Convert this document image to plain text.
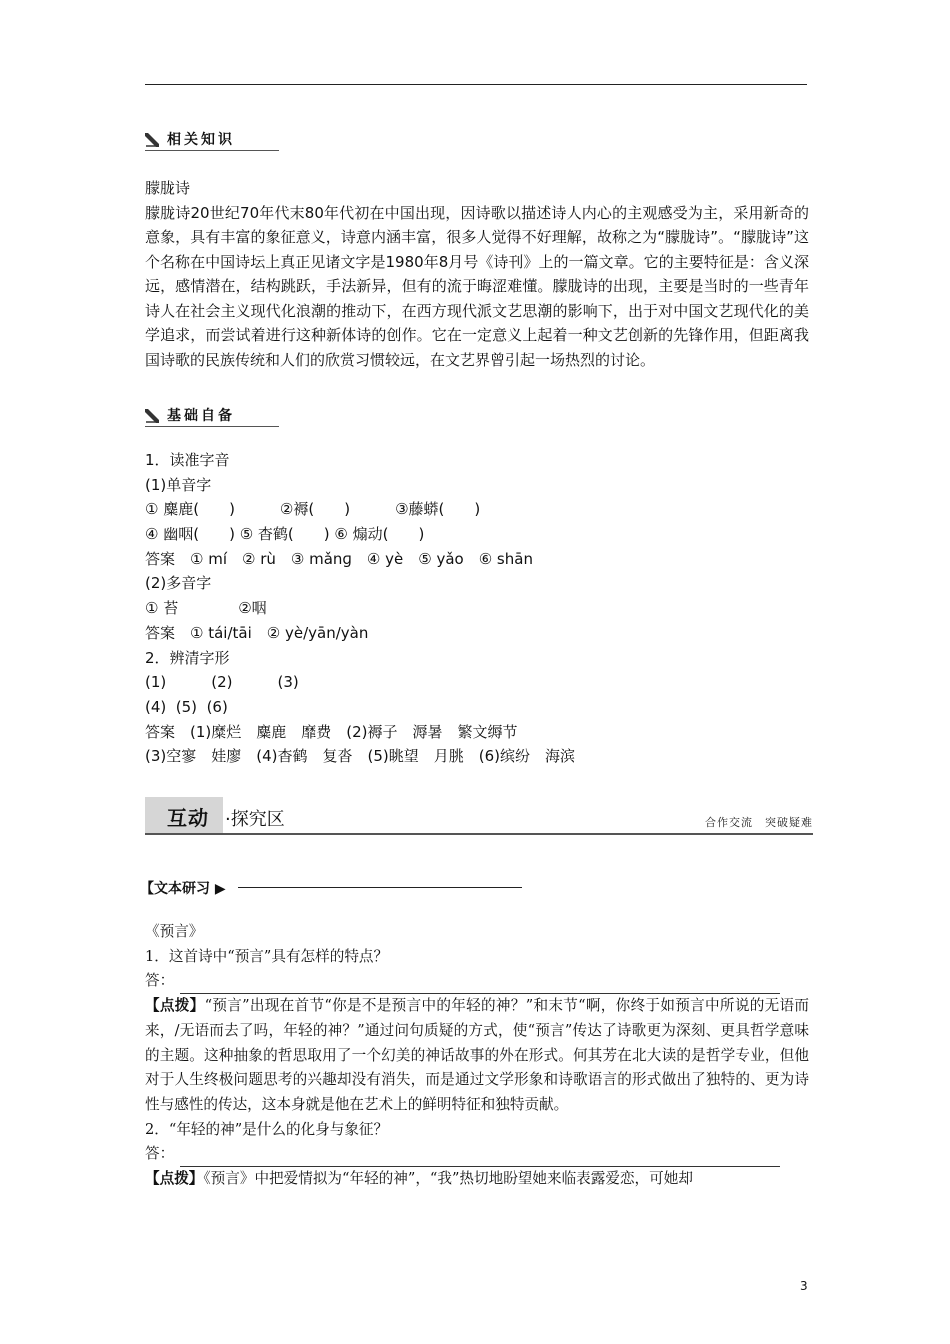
相关知识

朦胧诗

朦胧诗20世纪70年代末80年代初在中国出现，因诗歌以描述诗人内心的主观感受为主，采用新奇的意象，具有丰富的象征意义，诗意内涵丰富，很多人觉得不好理解，故称之为“朦胧诗”。“朦胧诗”这个名称在中国诗坛上真正见诸文字是1980年8月号《诗刊》上的一篇文章。它的主要特征是：含义深远，感情潜在，结构跳跃，手法新异，但有的流于晦涩难懂。朦胧诗的出现，主要是当时的一些青年诗人在社会主义现代化浪潮的推动下，在西方现代派文艺思潮的影响下，出于对中国文艺现代化的美学追求，而尝试着进行这种新体诗的创作。它在一定意义上起着一种文艺创新的先锋作用，但距离我国诗歌的民族传统和人们的欣赏习惯较远，在文艺界曾引起一场热烈的讨论。

基础自备
1．读准字音
(1)单音字
① 麋鹿(　　)　　　②褥(　　)　　　③藤蟒(　　)
④ 幽咽(　　) ⑤ 杳鹤(　　) ⑥ 煽动(　　)
答案　① mí　② rù　③ mǎnɡ　④ yè　⑤ yǎo　⑥ shān
(2)多音字
① 苔　　　　②咽
答案　① tái/tāi　② yè/yān/yàn
2．辨清字形
(1)　　　(2)　　　(3)
(4)  (5)  (6)
答案　(1)糜烂　麋鹿　靡费　(2)褥子　溽暑　繁文缛节
(3)空寥　娃廖　(4)杳鹤　复沓　(5)眺望　月朓　(6)缤纷　海滨
互动 ·探究区	合作交流　突破疑难
【文本研习 ▶

《预言》

1．这首诗中“预言”具有怎样的特点？

答：

【点拨】“预言”出现在首节“你是不是预言中的年轻的神？”和末节“啊，你终于如预言中所说的无语而来，/无语而去了吗，年轻的神？”通过问句质疑的方式，使“预言”传达了诗歌更为深刻、更具哲学意味的主题。这种抽象的哲思取用了一个幻美的神话故事的外在形式。何其芳在北大读的是哲学专业，但他对于人生终极问题思考的兴趣却没有消失，而是通过文学形象和诗歌语言的形式做出了独特的、更为诗性与感性的传达，这本身就是他在艺术上的鲜明特征和独特贡献。

2．“年轻的神”是什么的化身与象征？

答：

【点拨】《预言》中把爱情拟为“年轻的神”，“我”热切地盼望她来临表露爱恋，可她却

3
